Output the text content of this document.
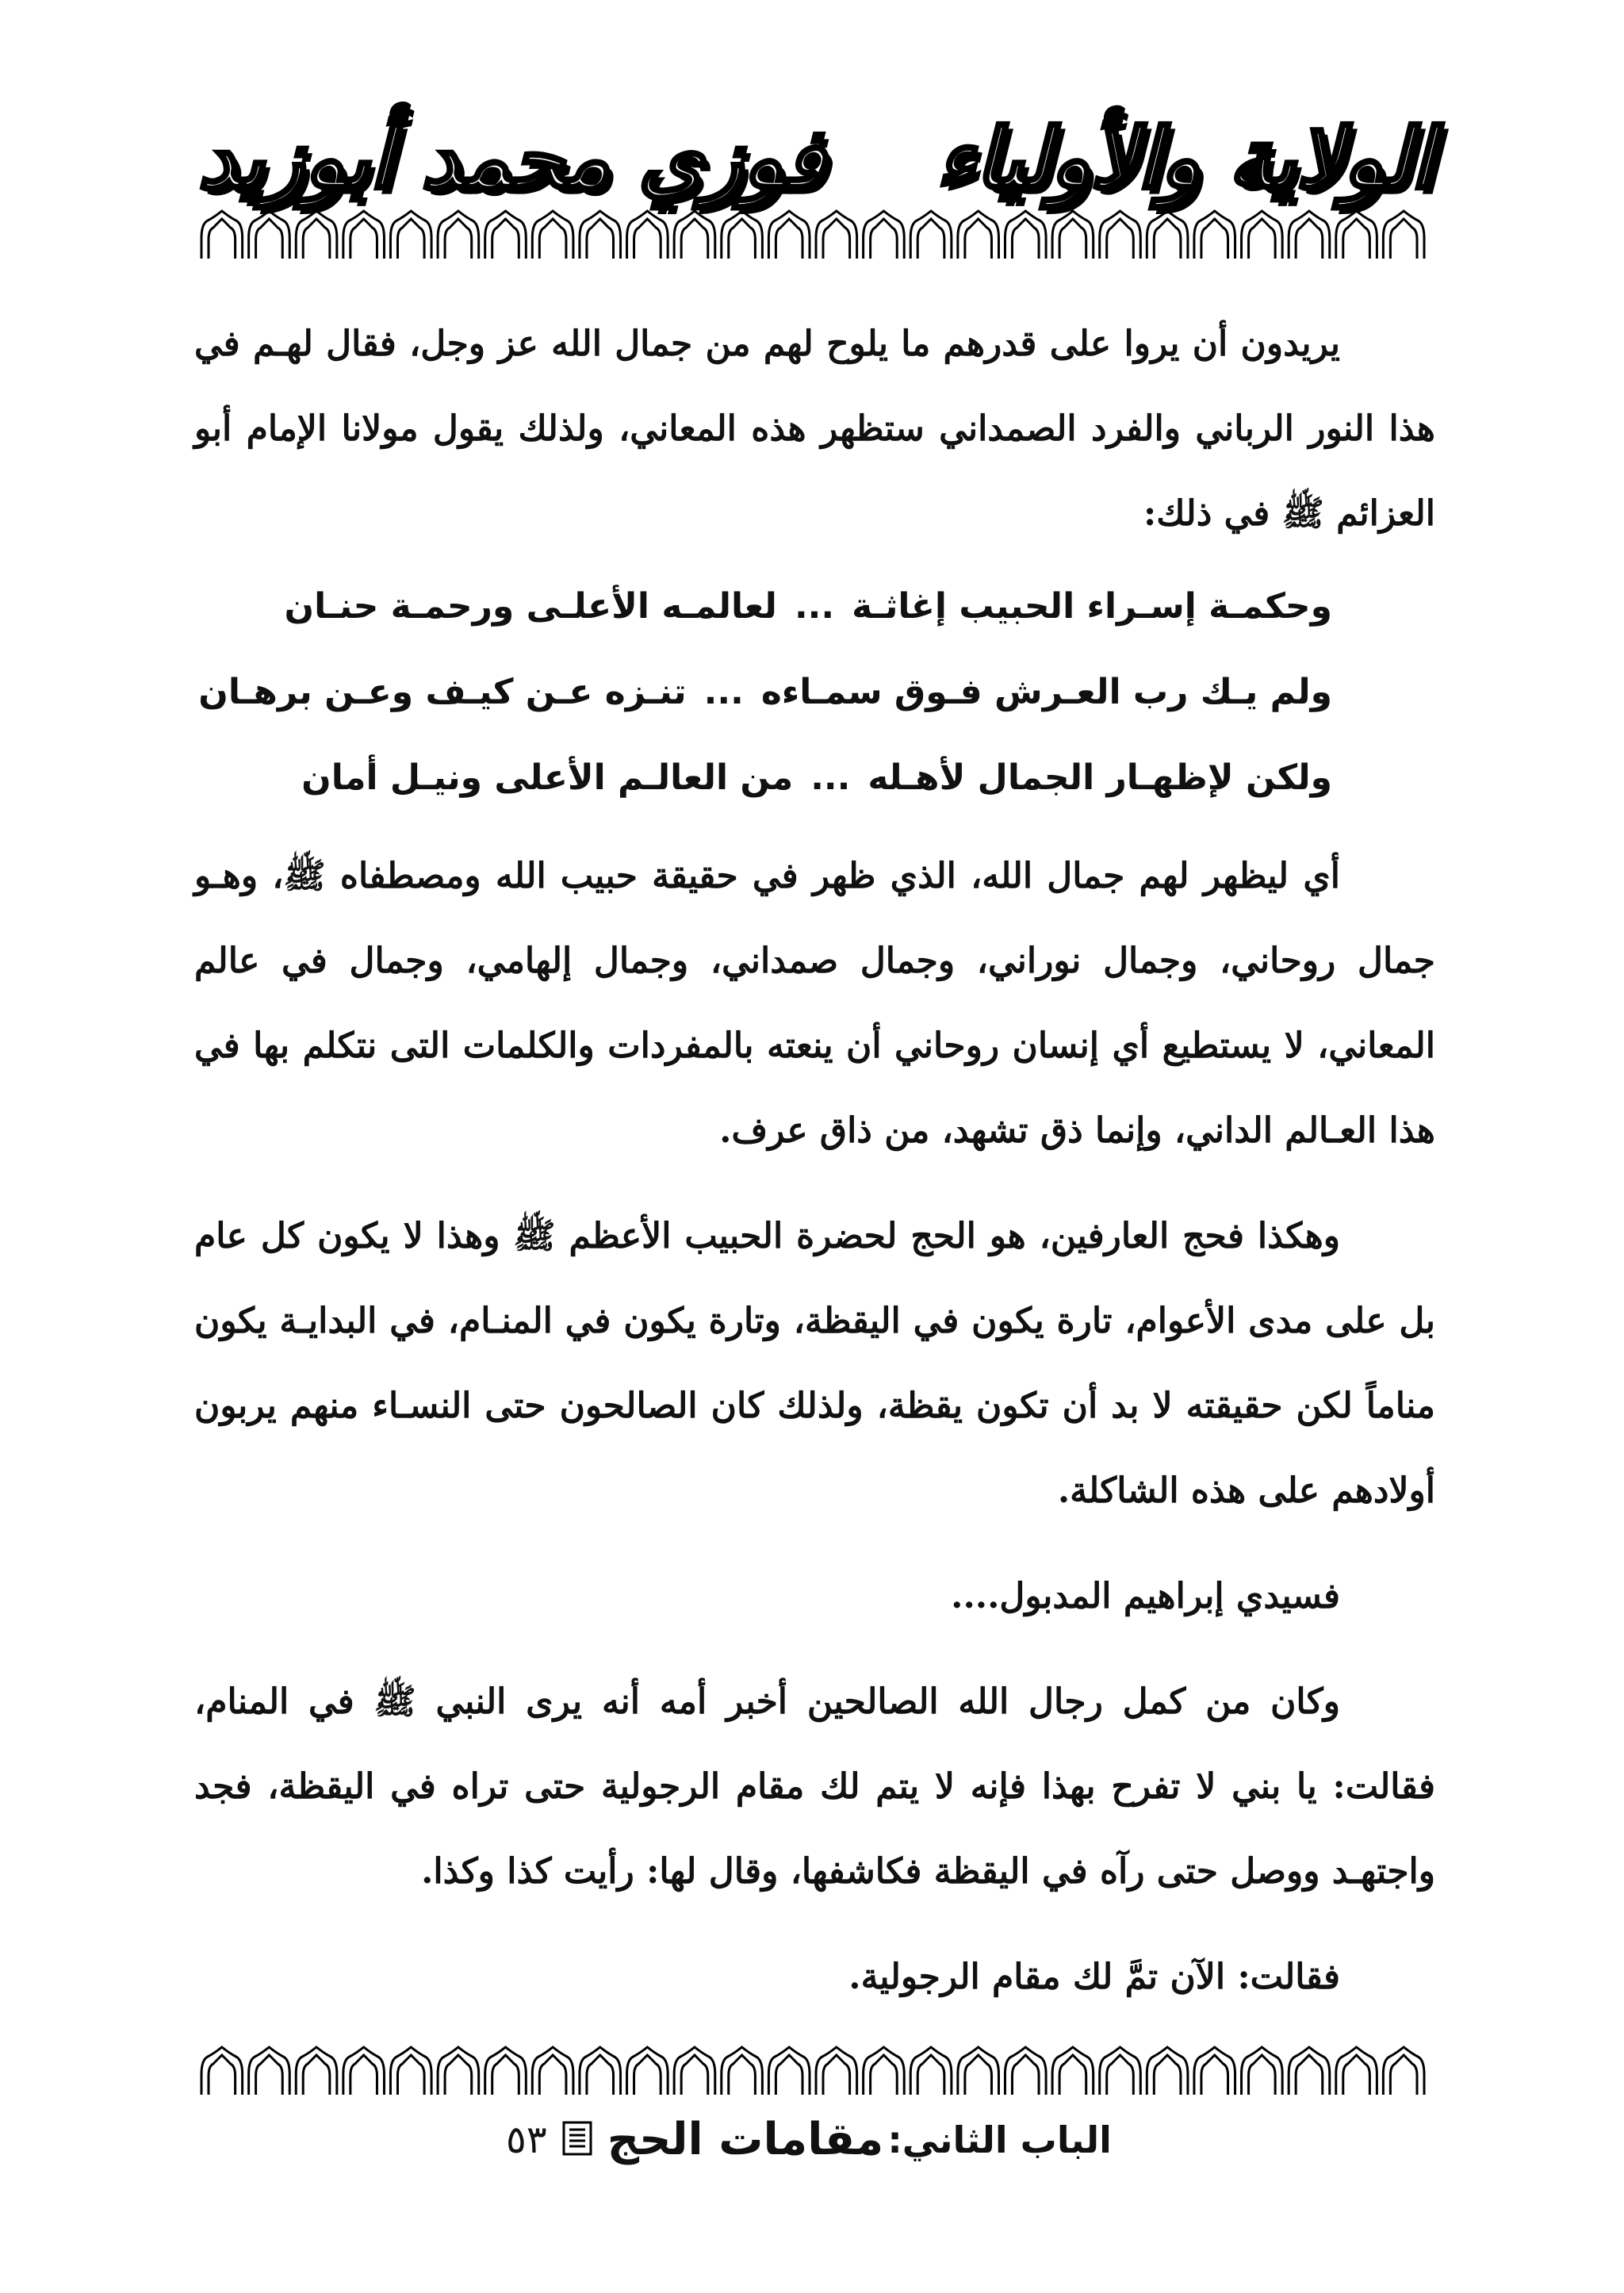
الولاية والأولياء
فوزي محمد أبوزيد

يريدون أن يروا على قدرهم ما يلوح لهم من جمال الله عز وجل، فقال لهـم في هذا النور الرباني والفرد الصمداني ستظهر هذه المعاني، ولذلك يقول مولانا الإمام أبو العزائم ﷺ في ذلك:

وحكمـة إسـراء الحبيب إغاثـة...لعالمـه الأعلـى ورحمـة حنـان
ولم يـك رب العـرش فـوق سمـاءه...تنـزه عـن كيـف وعـن برهـان
ولكن لإظهـار الجمال لأهـله...من العالـم الأعلى ونيـل أمان

أي ليظهر لهم جمال الله، الذي ظهر في حقيقة حبيب الله ومصطفاه ﷺ، وهـو جمال روحاني، وجمال نوراني، وجمال صمداني، وجمال إلهامي، وجمال في عالم المعاني، لا يستطيع أي إنسان روحاني أن ينعته بالمفردات والكلمات التى نتكلم بها في هذا العـالم الداني، وإنما ذق تشهد، من ذاق عرف.

وهكذا فحج العارفين، هو الحج لحضرة الحبيب الأعظم ﷺ وهذا لا يكون كل عام بل على مدى الأعوام، تارة يكون في اليقظة، وتارة يكون في المنـام، في البدايـة يكون مناماً لكن حقيقته لا بد أن تكون يقظة، ولذلك كان الصالحون حتى النسـاء منهم يربون أولادهم على هذه الشاكلة.

فسيدي إبراهيم المدبول....

وكان من كمل رجال الله الصالحين أخبر أمه أنه يرى النبي ﷺ في المنام، فقالت: يا بني لا تفرح بهذا فإنه لا يتم لك مقام الرجولية حتى تراه في اليقظة، فجد واجتهـد ووصل حتى رآه في اليقظة فكاشفها، وقال لها: رأيت كذا وكذا.

فقالت: الآن تمَّ لك مقام الرجولية.

الباب الثاني: مقامات الحج  ٥٣
